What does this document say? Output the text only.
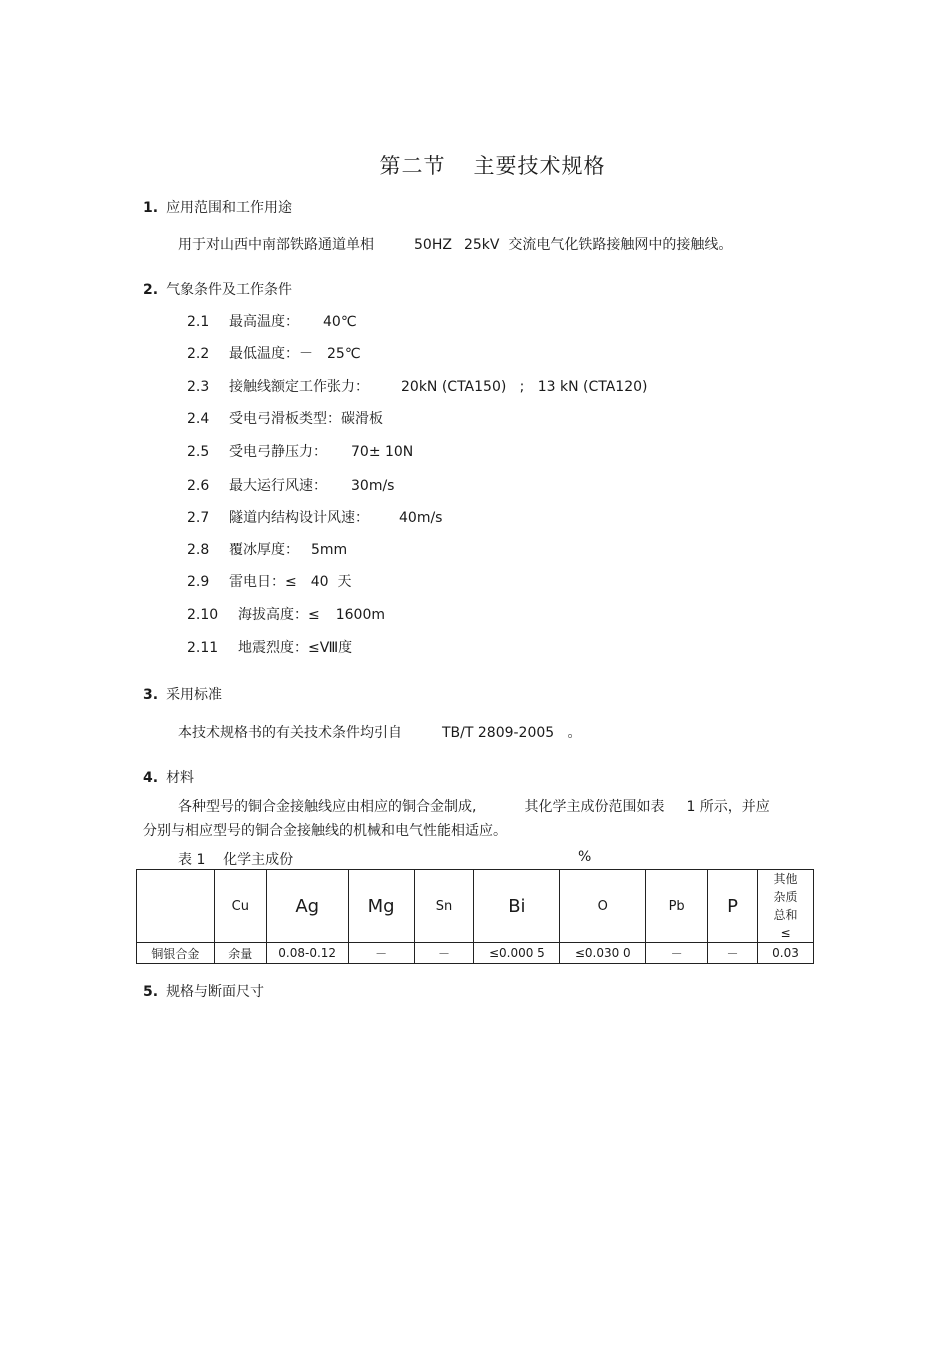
第二节 主要技术规格
1. 应用范围和工作用途
用于对山西中南部铁路通道单相	50HZ 25kV 交流电气化铁路接触网中的接触线。
2. 气象条件及工作条件
2.1 最高温度： 40℃
2.2 最低温度：－ 25℃
2.3 接触线额定工作张力： 20kN (CTA150)   ;   13 kN (CTA120)
2.4 受电弓滑板类型：碳滑板
2.5 受电弓静压力： 70± 10N
2.6 最大运行风速： 30m/s
2.7 隧道内结构设计风速： 40m/s
2.8 覆冰厚度： 5mm
2.9 雷电日：≤ 40  天
2.10 海拔高度：≤ 1600m
2.11 地震烈度：≤Ⅷ度
3. 采用标准
本技术规格书的有关技术条件均引自	TB/T 2809-2005 。
4. 材料
各种型号的铜合金接触线应由相应的铜合金制成,	其化学主成份范围如表 1 所示，并应
分别与相应型号的铜合金接触线的机械和电气性能相适应。
表 1    化学主成份	%
	Cu	Ag	Mg	Sn	Bi	O	Pb	P	其他
杂质
总和
≤

铜银合金	余量	0.08-0.12	－	－	≤0.000 5	≤0.030 0	－	－	0.03
5. 规格与断面尺寸
